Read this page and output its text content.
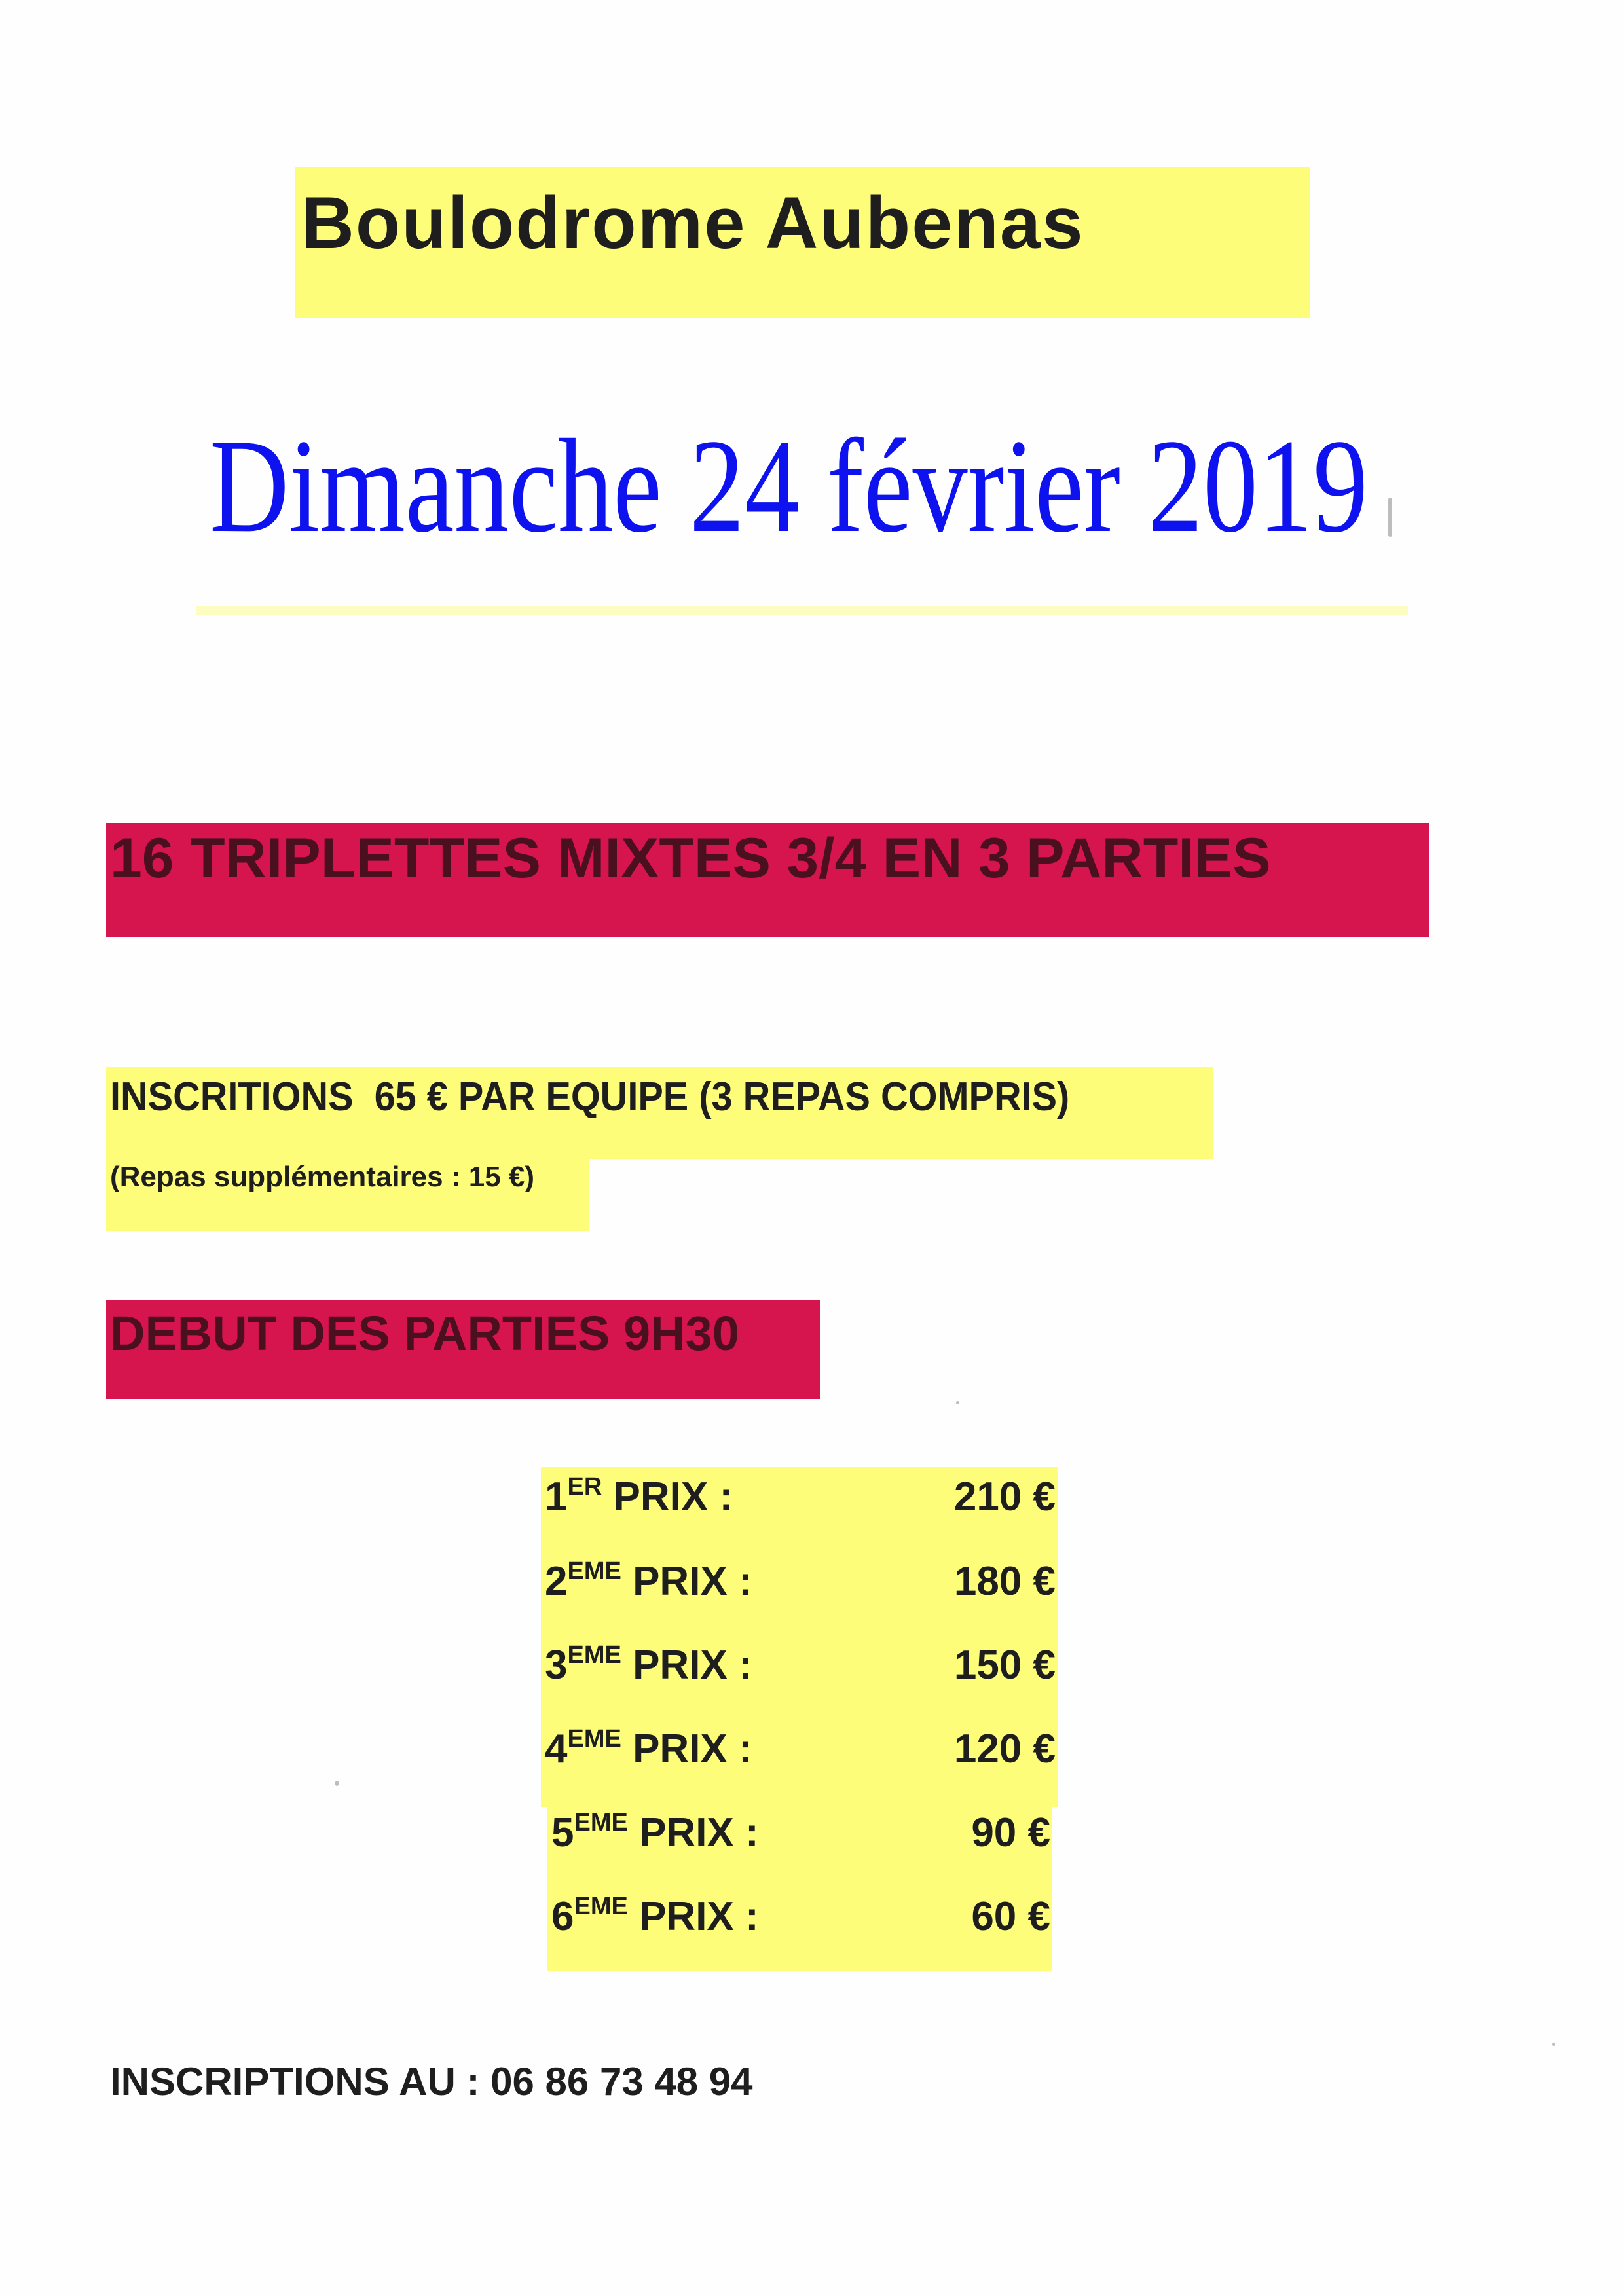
Boulodrome Aubenas
Dimanche 24 février 2019
16 TRIPLETTES MIXTES 3/4 EN 3 PARTIES
INSCRITIONS  65 € PAR EQUIPE (3 REPAS COMPRIS)
(Repas supplémentaires : 15 €)
DEBUT DES PARTIES 9H30
1ER PRIX :	210 €
2EME PRIX :	180 €
3EME PRIX :	150 €
4EME PRIX :	120 €
5EME PRIX :	90 €
6EME PRIX :	60 €
INSCRIPTIONS AU : 06 86 73 48 94
